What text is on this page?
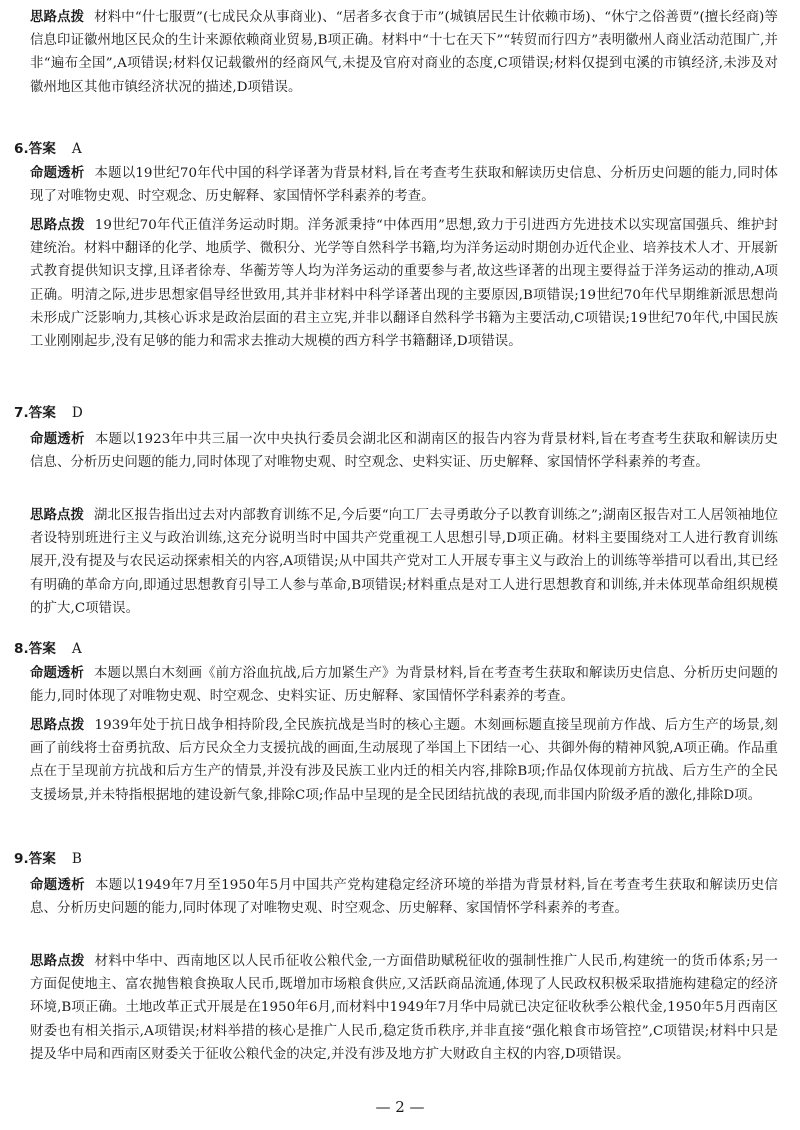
思路点拨 材料中“什七服贾”(七成民众从事商业)、“居者多衣食于市”(城镇居民生计依赖市场)、“休宁之俗善贾”(擅长经商)等信息印证徽州地区民众的生计来源依赖商业贸易,B项正确。材料中“十七在天下”“转贸而行四方”表明徽州人商业活动范围广,并非“遍布全国”,A项错误;材料仅记载徽州的经商风气,未提及官府对商业的态度,C项错误;材料仅提到屯溪的市镇经济,未涉及对徽州地区其他市镇经济状况的描述,D项错误。

6.答案 A

命题透析 本题以19世纪70年代中国的科学译著为背景材料,旨在考查考生获取和解读历史信息、分析历史问题的能力,同时体现了对唯物史观、时空观念、历史解释、家国情怀学科素养的考查。

思路点拨 19世纪70年代正值洋务运动时期。洋务派秉持“中体西用”思想,致力于引进西方先进技术以实现富国强兵、维护封建统治。材料中翻译的化学、地质学、微积分、光学等自然科学书籍,均为洋务运动时期创办近代企业、培养技术人才、开展新式教育提供知识支撑,且译者徐寿、华蘅芳等人均为洋务运动的重要参与者,故这些译著的出现主要得益于洋务运动的推动,A项正确。明清之际,进步思想家倡导经世致用,其并非材料中科学译著出现的主要原因,B项错误;19世纪70年代早期维新派思想尚未形成广泛影响力,其核心诉求是政治层面的君主立宪,并非以翻译自然科学书籍为主要活动,C项错误;19世纪70年代,中国民族工业刚刚起步,没有足够的能力和需求去推动大规模的西方科学书籍翻译,D项错误。

7.答案 D

命题透析 本题以1923年中共三届一次中央执行委员会湖北区和湖南区的报告内容为背景材料,旨在考查考生获取和解读历史信息、分析历史问题的能力,同时体现了对唯物史观、时空观念、史料实证、历史解释、家国情怀学科素养的考查。

思路点拨 湖北区报告指出过去对内部教育训练不足,今后要“向工厂去寻勇敢分子以教育训练之”;湖南区报告对工人居领袖地位者设特别班进行主义与政治训练,这充分说明当时中国共产党重视工人思想引导,D项正确。材料主要围绕对工人进行教育训练展开,没有提及与农民运动探索相关的内容,A项错误;从中国共产党对工人开展专事主义与政治上的训练等举措可以看出,其已经有明确的革命方向,即通过思想教育引导工人参与革命,B项错误;材料重点是对工人进行思想教育和训练,并未体现革命组织规模的扩大,C项错误。

8.答案 A

命题透析 本题以黑白木刻画《前方浴血抗战,后方加紧生产》为背景材料,旨在考查考生获取和解读历史信息、分析历史问题的能力,同时体现了对唯物史观、时空观念、史料实证、历史解释、家国情怀学科素养的考查。

思路点拨 1939年处于抗日战争相持阶段,全民族抗战是当时的核心主题。木刻画标题直接呈现前方作战、后方生产的场景,刻画了前线将士奋勇抗敌、后方民众全力支援抗战的画面,生动展现了举国上下团结一心、共御外侮的精神风貌,A项正确。作品重点在于呈现前方抗战和后方生产的情景,并没有涉及民族工业内迁的相关内容,排除B项;作品仅体现前方抗战、后方生产的全民支援场景,并未特指根据地的建设新气象,排除C项;作品中呈现的是全民团结抗战的表现,而非国内阶级矛盾的激化,排除D项。

9.答案 B

命题透析 本题以1949年7月至1950年5月中国共产党构建稳定经济环境的举措为背景材料,旨在考查考生获取和解读历史信息、分析历史问题的能力,同时体现了对唯物史观、时空观念、历史解释、家国情怀学科素养的考查。

思路点拨 材料中华中、西南地区以人民币征收公粮代金,一方面借助赋税征收的强制性推广人民币,构建统一的货币体系;另一方面促使地主、富农抛售粮食换取人民币,既增加市场粮食供应,又活跃商品流通,体现了人民政权积极采取措施构建稳定的经济环境,B项正确。土地改革正式开展是在1950年6月,而材料中1949年7月华中局就已决定征收秋季公粮代金,1950年5月西南区财委也有相关指示,A项错误;材料举措的核心是推广人民币,稳定货币秩序,并非直接“强化粮食市场管控”,C项错误;材料中只是提及华中局和西南区财委关于征收公粮代金的决定,并没有涉及地方扩大财政自主权的内容,D项错误。

— 2 —
